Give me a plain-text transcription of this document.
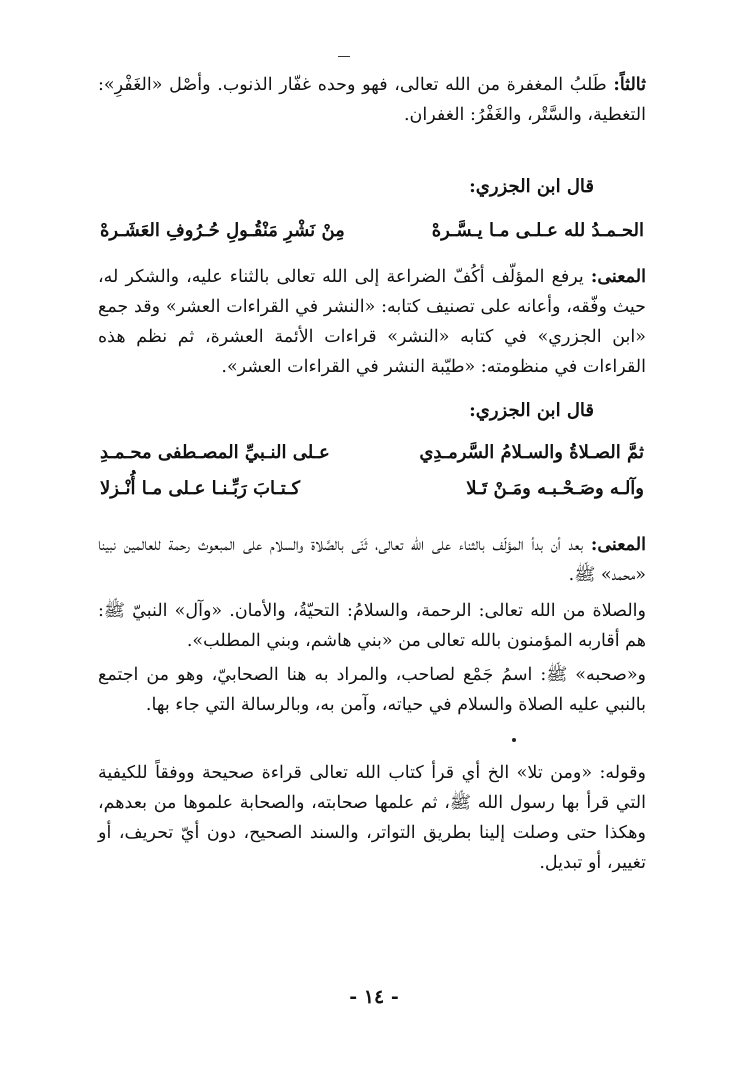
ثالثاً: طَلبُ المغفرة من الله تعالى، فهو وحده غفّار الذنوب. وأصْل «الغَفْرِ»: التغطية، والسَّتْر، والغَفْرُ: الغفران.

قال ابن الجزري:
الحـمـدُ لله عـلـى مـا يـسَّـرهْ
مِنْ نَشْرِ مَنْقُـولِ حُـرُوفِ العَشَـرهْ

المعنى: يرفع المؤلّف أكُفّ الضراعة إلى الله تعالى بالثناء عليه، والشكر له، حيث وفّقه، وأعانه على تصنيف كتابه: «النشر في القراءات العشر» وقد جمع «ابن الجزري» في كتابه «النشر» قراءات الأئمة العشرة، ثم نظم هذه القراءات في منظومته: «طيّبة النشر في القراءات العشر».

قال ابن الجزري:
ثمَّ الصـلاةُ والسـلامُ السَّرمـدِي
عـلى النـبيِّ المصـطفى محـمـدِ
وآلـه وصَـحْـبـه ومَـنْ تَـلا
كـتـابَ رَبِّـنـا عـلى مـا أُنْـزلا

المعنى: بعد أن بدأ المؤلّف بالثناء على الله تعالى، ثَنّى بالصَّلاة والسلام على المبعوث رحمة للعالمين نبينا «محمد» ﷺ.

والصلاة من الله تعالى: الرحمة، والسلامُ: التحيّةُ، والأمان. «وآل» النبيّ ﷺ: هم أقاربه المؤمنون بالله تعالى من «بني هاشم، وبني المطلب».

و«صحبه» ﷺ: اسمُ جَمْع لصاحب، والمراد به هنا الصحابيّ، وهو من اجتمع بالنبي عليه الصلاة والسلام في حياته، وآمن به، وبالرسالة التي جاء بها.

وقوله: «ومن تلا» الخ أي قرأ كتاب الله تعالى قراءة صحيحة ووفقاً للكيفية التي قرأ بها رسول الله ﷺ، ثم علمها صحابته، والصحابة علموها من بعدهم، وهكذا حتى وصلت إلينا بطريق التواتر، والسند الصحيح، دون أيّ تحريف، أو تغيير، أو تبديل.

- ١٤ -
